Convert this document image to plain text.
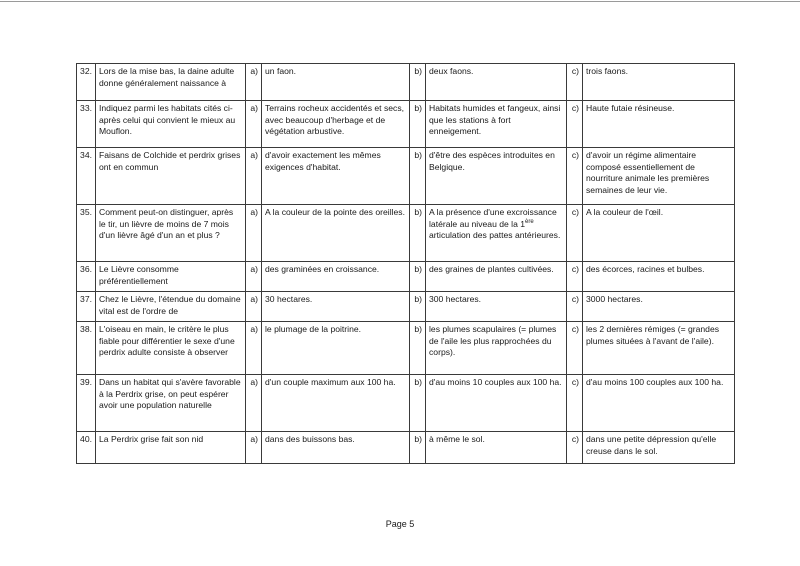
32.	Lors de la mise bas, la daine adulte donne généralement naissance à	a)	un faon.	b)	deux faons.	c)	trois faons.
33.	Indiquez parmi les habitats cités ci-après celui qui convient le mieux au Mouflon.	a)	Terrains rocheux accidentés et secs, avec beaucoup d'herbage et de végétation arbustive.	b)	Habitats humides et fangeux, ainsi que les stations à fort enneigement.	c)	Haute futaie résineuse.
34.	Faisans de Colchide et perdrix grises ont en commun	a)	d'avoir exactement les mêmes exigences d'habitat.	b)	d'être des espèces introduites en Belgique.	c)	d'avoir un régime alimentaire composé essentiellement de nourriture animale les premières semaines de leur vie.
35.	Comment peut-on distinguer, après le tir, un lièvre de moins de 7 mois d'un lièvre âgé d'un an et plus ?	a)	A la couleur de la pointe des oreilles.	b)	A la présence d'une excroissance latérale au niveau de la 1ère articulation des pattes antérieures.	c)	A la couleur de l'œil.
36.	Le Lièvre consomme préférentiellement	a)	des graminées en croissance.	b)	des graines de plantes cultivées.	c)	des écorces, racines et bulbes.
37.	Chez le Lièvre, l'étendue du domaine vital est de l'ordre de	a)	30 hectares.	b)	300 hectares.	c)	3000 hectares.
38.	L'oiseau en main, le critère le plus fiable pour différentier le sexe d'une perdrix adulte consiste à observer	a)	le plumage de la poitrine.	b)	les plumes scapulaires (= plumes de l'aile les plus rapprochées du corps).	c)	les 2 dernières rémiges (= grandes plumes situées à l'avant de l'aile).
39.	Dans un habitat qui s'avère favorable à la Perdrix grise, on peut espérer avoir une population naturelle	a)	d'un couple maximum aux 100 ha.	b)	d'au moins 10 couples aux 100 ha.	c)	d'au moins 100 couples aux 100 ha.
40.	La Perdrix grise fait son nid	a)	dans des buissons bas.	b)	à même le sol.	c)	dans une petite dépression qu'elle creuse dans le sol.
Page 5
